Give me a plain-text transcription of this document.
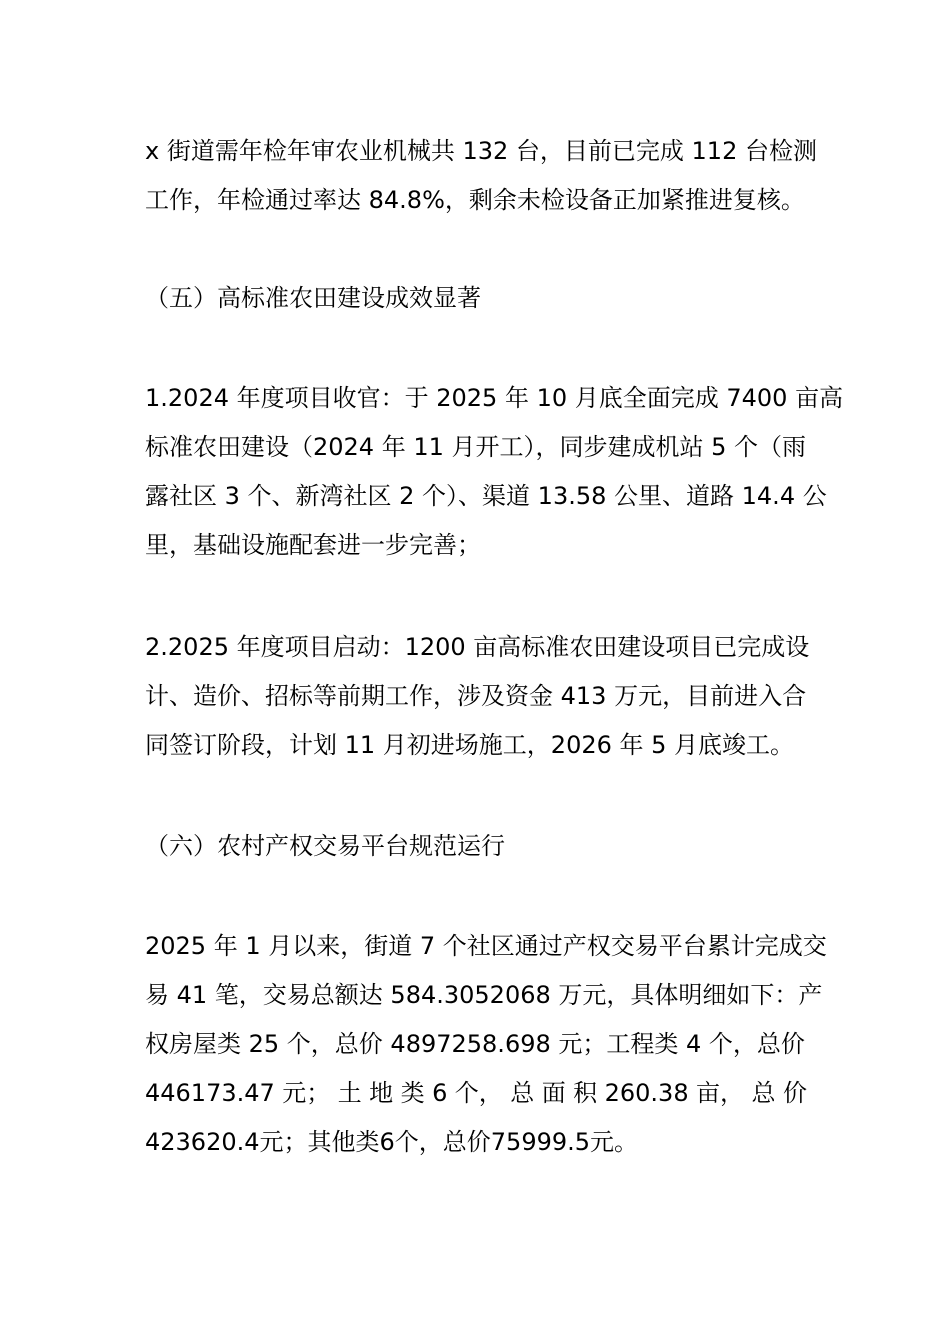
x 街道需年检年审农业机械共 132 台，目前已完成 112 台检测
工作，年检通过率达 84.8%，剩余未检设备正加紧推进复核。
（五）高标准农田建设成效显著
1.2024 年度项目收官：于 2025 年 10 月底全面完成 7400 亩高
标准农田建设（2024 年 11 月开工），同步建成机站 5 个（雨
露社区 3 个、新湾社区 2 个）、渠道 13.58 公里、道路 14.4 公
里，基础设施配套进一步完善；
2.2025 年度项目启动：1200 亩高标准农田建设项目已完成设
计、造价、招标等前期工作，涉及资金 413 万元，目前进入合
同签订阶段，计划 11 月初进场施工，2026 年 5 月底竣工。
（六）农村产权交易平台规范运行
2025 年 1 月以来，街道 7 个社区通过产权交易平台累计完成交
易 41 笔，交易总额达 584.3052068 万元，具体明细如下：产
权房屋类 25 个，总价 4897258.698 元；工程类 4 个，总价
446173.47 元； 土 地 类 6 个， 总 面 积 260.38 亩， 总 价
423620.4元；其他类6个，总价75999.5元。
